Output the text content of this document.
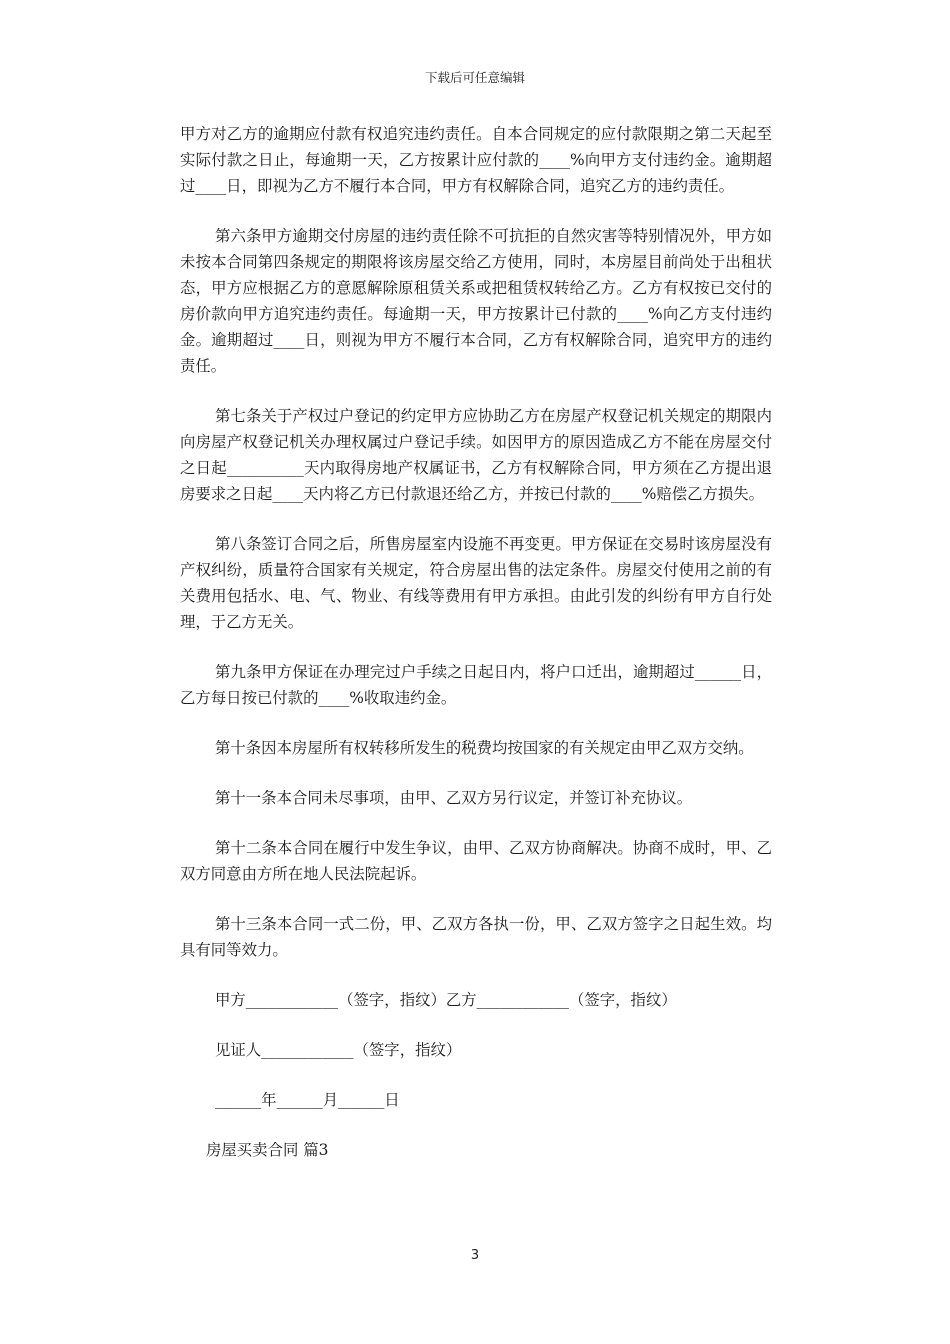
下载后可任意编辑

甲方对乙方的逾期应付款有权追究违约责任。自本合同规定的应付款限期之第二天起至实际付款之日止，每逾期一天，乙方按累计应付款的____%向甲方支付违约金。逾期超过____日，即视为乙方不履行本合同，甲方有权解除合同，追究乙方的违约责任。

第六条甲方逾期交付房屋的违约责任除不可抗拒的自然灾害等特别情况外，甲方如未按本合同第四条规定的期限将该房屋交给乙方使用，同时，本房屋目前尚处于出租状态，甲方应根据乙方的意愿解除原租赁关系或把租赁权转给乙方。乙方有权按已交付的房价款向甲方追究违约责任。每逾期一天，甲方按累计已付款的____%向乙方支付违约金。逾期超过____日，则视为甲方不履行本合同，乙方有权解除合同，追究甲方的违约责任。

第七条关于产权过户登记的约定甲方应协助乙方在房屋产权登记机关规定的期限内向房屋产权登记机关办理权属过户登记手续。如因甲方的原因造成乙方不能在房屋交付之日起__________天内取得房地产权属证书，乙方有权解除合同，甲方须在乙方提出退房要求之日起____天内将乙方已付款退还给乙方，并按已付款的____%赔偿乙方损失。

第八条签订合同之后，所售房屋室内设施不再变更。甲方保证在交易时该房屋没有产权纠纷，质量符合国家有关规定，符合房屋出售的法定条件。房屋交付使用之前的有关费用包括水、电、气、物业、有线等费用有甲方承担。由此引发的纠纷有甲方自行处理，于乙方无关。

第九条甲方保证在办理完过户手续之日起日内，将户口迁出，逾期超过______日，乙方每日按已付款的____%收取违约金。

第十条因本房屋所有权转移所发生的税费均按国家的有关规定由甲乙双方交纳。

第十一条本合同未尽事项，由甲、乙双方另行议定，并签订补充协议。

第十二条本合同在履行中发生争议，由甲、乙双方协商解决。协商不成时，甲、乙双方同意由方所在地人民法院起诉。

第十三条本合同一式二份，甲、乙双方各执一份，甲、乙双方签字之日起生效。均具有同等效力。

甲方____________（签字，指纹）乙方____________（签字，指纹）

见证人____________（签字，指纹）

______年______月______日

房屋买卖合同 篇3

3
